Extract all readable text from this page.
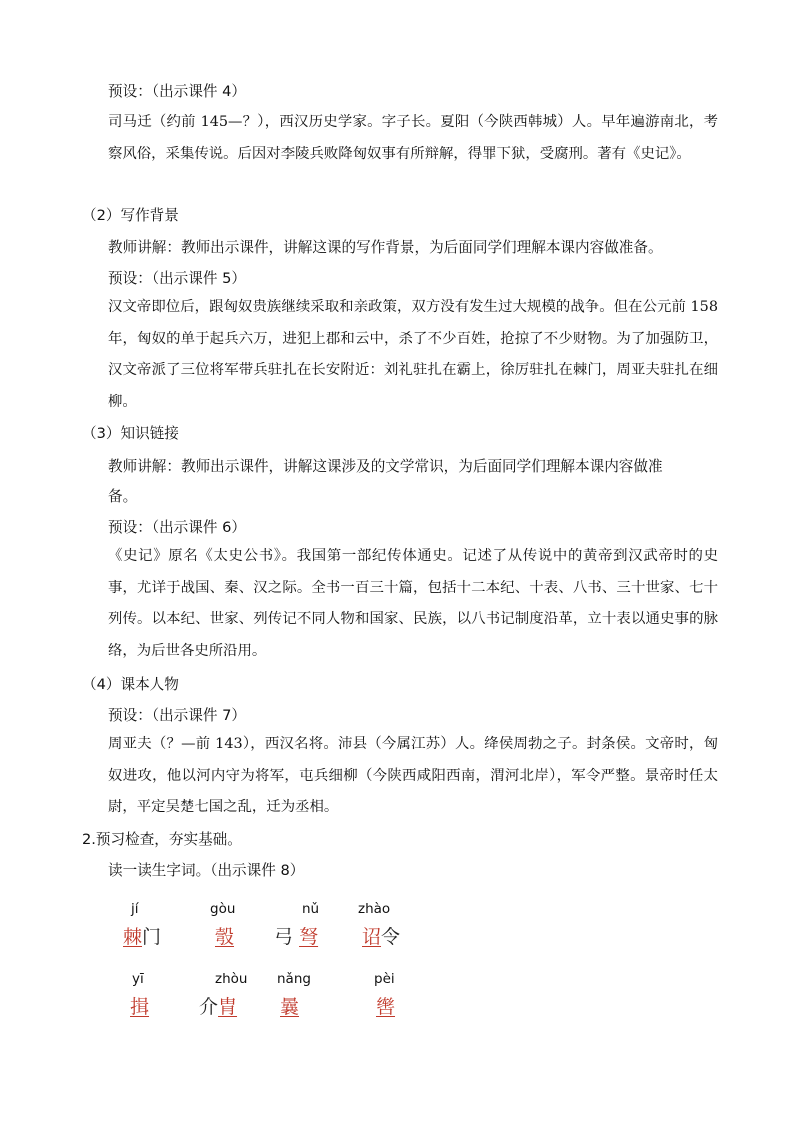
预设：（出示课件 4）

司马迁（约前 145—？），西汉历史学家。字子长。夏阳（今陕西韩城）人。早年遍游南北，考察风俗，采集传说。后因对李陵兵败降匈奴事有所辩解，得罪下狱，受腐刑。著有《史记》。

（2）写作背景
教师讲解：教师出示课件，讲解这课的写作背景，为后面同学们理解本课内容做准备。
预设：（出示课件 5）

汉文帝即位后，跟匈奴贵族继续采取和亲政策，双方没有发生过大规模的战争。但在公元前 158 年，匈奴的单于起兵六万，进犯上郡和云中，杀了不少百姓，抢掠了不少财物。为了加强防卫，汉文帝派了三位将军带兵驻扎在长安附近：刘礼驻扎在霸上，徐厉驻扎在棘门，周亚夫驻扎在细柳。

（3）知识链接
教师讲解：教师出示课件，讲解这课涉及的文学常识，为后面同学们理解本课内容做准
备。
预设：（出示课件 6）

《史记》原名《太史公书》。我国第一部纪传体通史。记述了从传说中的黄帝到汉武帝时的史事，尤详于战国、秦、汉之际。全书一百三十篇，包括十二本纪、十表、八书、三十世家、七十列传。以本纪、世家、列传记不同人物和国家、民族，以八书记制度沿革，立十表以通史事的脉络，为后世各史所沿用。

（4）课本人物
预设：（出示课件 7）

周亚夫（？—前 143），西汉名将。沛县（今属江苏）人。绛侯周勃之子。封条侯。文帝时，匈奴进攻，他以河内守为将军，屯兵细柳（今陕西咸阳西南，渭河北岸），军令严整。景帝时任太尉，平定吴楚七国之乱，迁为丞相。

2.预习检查，夯实基础。
读一读生字词。（出示课件 8）
jí
棘门
gòu
彀
nǔ
弓 弩
zhào
诏令
yī
揖
zhòu
介胄
nǎng
曩
pèi
辔
